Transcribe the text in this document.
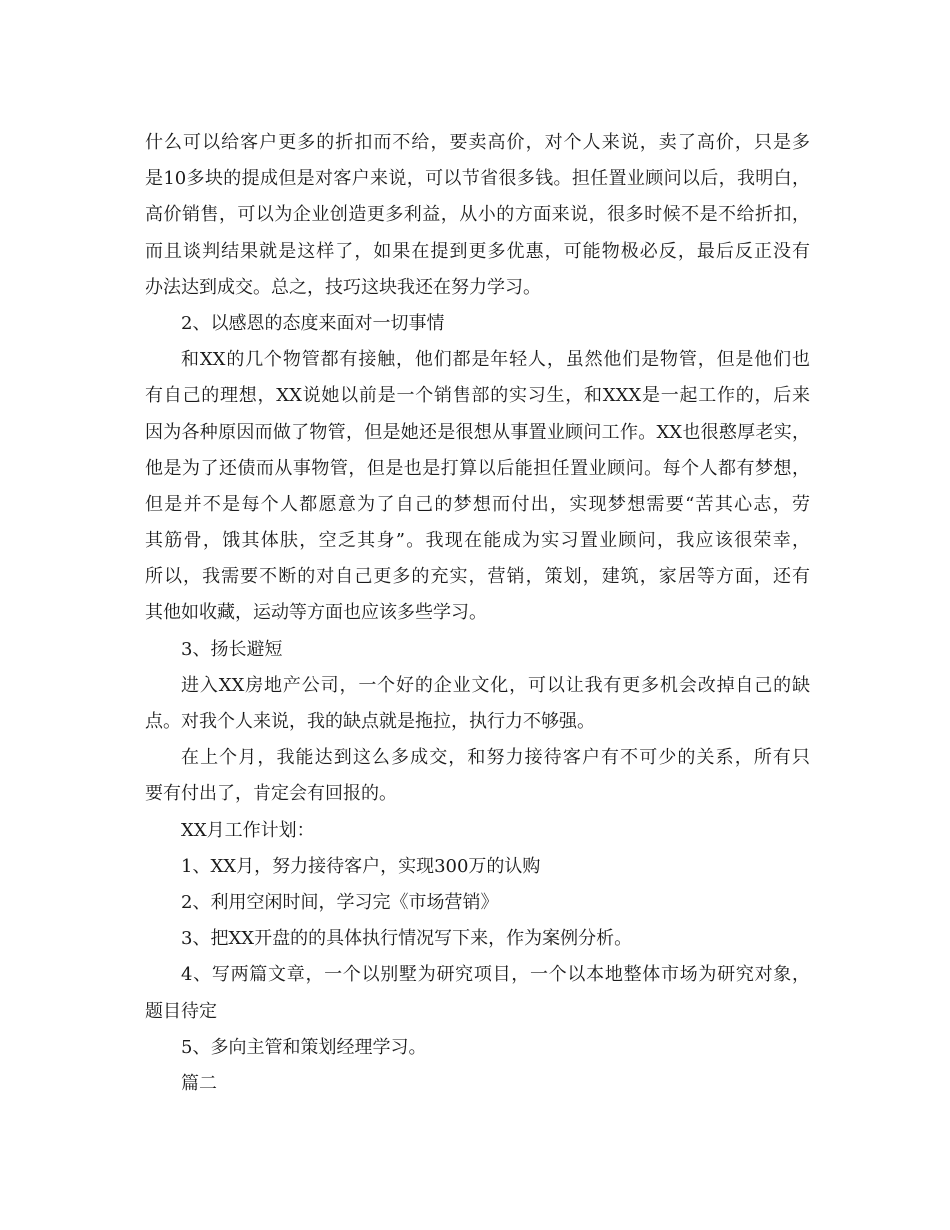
什么可以给客户更多的折扣而不给，要卖高价，对个人来说，卖了高价，只是多
是10多块的提成但是对客户来说，可以节省很多钱。担任置业顾问以后，我明白，
高价销售，可以为企业创造更多利益，从小的方面来说，很多时候不是不给折扣，
而且谈判结果就是这样了，如果在提到更多优惠，可能物极必反，最后反正没有
办法达到成交。总之，技巧这块我还在努力学习。
2、以感恩的态度来面对一切事情
和XX的几个物管都有接触，他们都是年轻人，虽然他们是物管，但是他们也
有自己的理想，XX说她以前是一个销售部的实习生，和XXX是一起工作的，后来
因为各种原因而做了物管，但是她还是很想从事置业顾问工作。XX也很憨厚老实，
他是为了还债而从事物管，但是也是打算以后能担任置业顾问。每个人都有梦想，
但是并不是每个人都愿意为了自己的梦想而付出，实现梦想需要“苦其心志，劳
其筋骨，饿其体肤，空乏其身”。我现在能成为实习置业顾问，我应该很荣幸，
所以，我需要不断的对自己更多的充实，营销，策划，建筑，家居等方面，还有
其他如收藏，运动等方面也应该多些学习。
3、扬长避短
进入XX房地产公司，一个好的企业文化，可以让我有更多机会改掉自己的缺
点。对我个人来说，我的缺点就是拖拉，执行力不够强。
在上个月，我能达到这么多成交，和努力接待客户有不可少的关系，所有只
要有付出了，肯定会有回报的。
XX月工作计划：
1、XX月，努力接待客户，实现300万的认购
2、利用空闲时间，学习完《市场营销》
3、把XX开盘的的具体执行情况写下来，作为案例分析。
4、写两篇文章，一个以别墅为研究项目，一个以本地整体市场为研究对象，
题目待定
5、多向主管和策划经理学习。
篇二
